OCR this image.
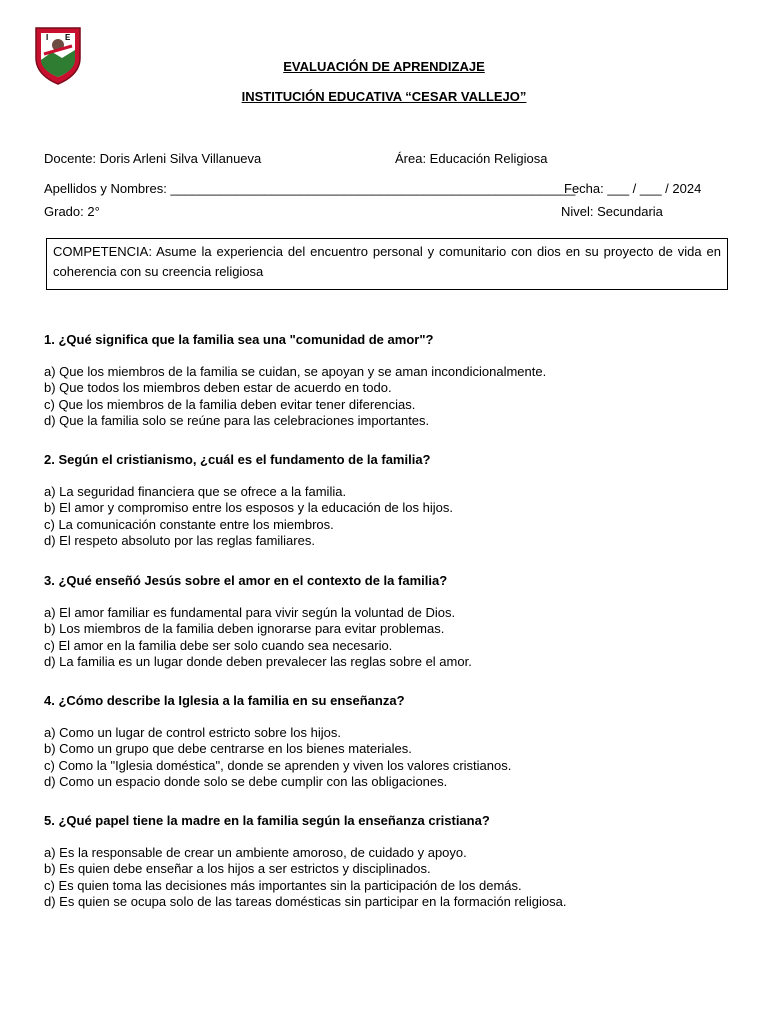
I E
EVALUACIÓN DE APRENDIZAJE
INSTITUCIÓN EDUCATIVA “CESAR VALLEJO”
Docente: Doris Arleni Silva Villanueva	Área: Educación Religiosa
Apellidos y Nombres: ________________________________________________________
Fecha: ___ / ___ / 2024
Grado: 2°	Nivel: Secundaria
COMPETENCIA: Asume la experiencia del encuentro personal y comunitario con dios en su proyecto de vida en coherencia con su creencia religiosa
1. ¿Qué significa que la familia sea una "comunidad de amor"?
a) Que los miembros de la familia se cuidan, se apoyan y se aman incondicionalmente.
b) Que todos los miembros deben estar de acuerdo en todo.
c) Que los miembros de la familia deben evitar tener diferencias.
d) Que la familia solo se reúne para las celebraciones importantes.
2. Según el cristianismo, ¿cuál es el fundamento de la familia?
a) La seguridad financiera que se ofrece a la familia.
b) El amor y compromiso entre los esposos y la educación de los hijos.
c) La comunicación constante entre los miembros.
d) El respeto absoluto por las reglas familiares.
3. ¿Qué enseñó Jesús sobre el amor en el contexto de la familia?
a) El amor familiar es fundamental para vivir según la voluntad de Dios.
b) Los miembros de la familia deben ignorarse para evitar problemas.
c) El amor en la familia debe ser solo cuando sea necesario.
d) La familia es un lugar donde deben prevalecer las reglas sobre el amor.
4. ¿Cómo describe la Iglesia a la familia en su enseñanza?
a) Como un lugar de control estricto sobre los hijos.
b) Como un grupo que debe centrarse en los bienes materiales.
c) Como la "Iglesia doméstica", donde se aprenden y viven los valores cristianos.
d) Como un espacio donde solo se debe cumplir con las obligaciones.
5. ¿Qué papel tiene la madre en la familia según la enseñanza cristiana?
a) Es la responsable de crear un ambiente amoroso, de cuidado y apoyo.
b) Es quien debe enseñar a los hijos a ser estrictos y disciplinados.
c) Es quien toma las decisiones más importantes sin la participación de los demás.
d) Es quien se ocupa solo de las tareas domésticas sin participar en la formación religiosa.
